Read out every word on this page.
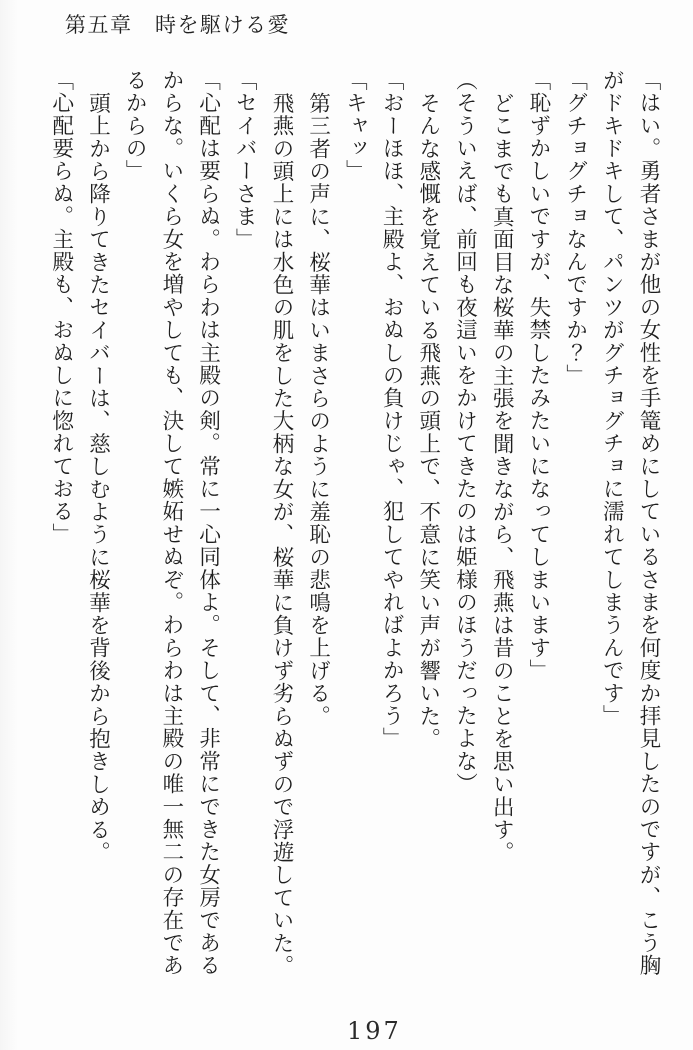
第五章　時を駆ける愛
「はい。勇者さまが他の女性を手篭めにしているさまを何度か拝見したのですが、こう胸
がドキドキして、パンツがグチョグチョに濡れてしまうんです」
「グチョグチョなんですか？」
「恥ずかしいですが、失禁したみたいになってしまいます」
どこまでも真面目な桜華の主張を聞きながら、飛燕は昔のことを思い出す。
（そういえば、前回も夜這いをかけてきたのは姫様のほうだったよな）
そんな感慨を覚えている飛燕の頭上で、不意に笑い声が響いた。
「おーほほ、主殿よ、おぬしの負けじゃ、犯してやればよかろう」
「キャッ」
第三者の声に、桜華はいまさらのように羞恥の悲鳴を上げる。
飛燕の頭上には水色の肌をした大柄な女が、桜華に負けず劣らぬずので浮遊していた。
「セイバーさま」
「心配は要らぬ。わらわは主殿の剣。常に一心同体よ。そして、非常にできた女房である
からな。いくら女を増やしても、決して嫉妬せぬぞ。わらわは主殿の唯一無二の存在であ
るからの」
頭上から降りてきたセイバーは、慈しむように桜華を背後から抱きしめる。
「心配要らぬ。主殿も、おぬしに惚れておる」
197
